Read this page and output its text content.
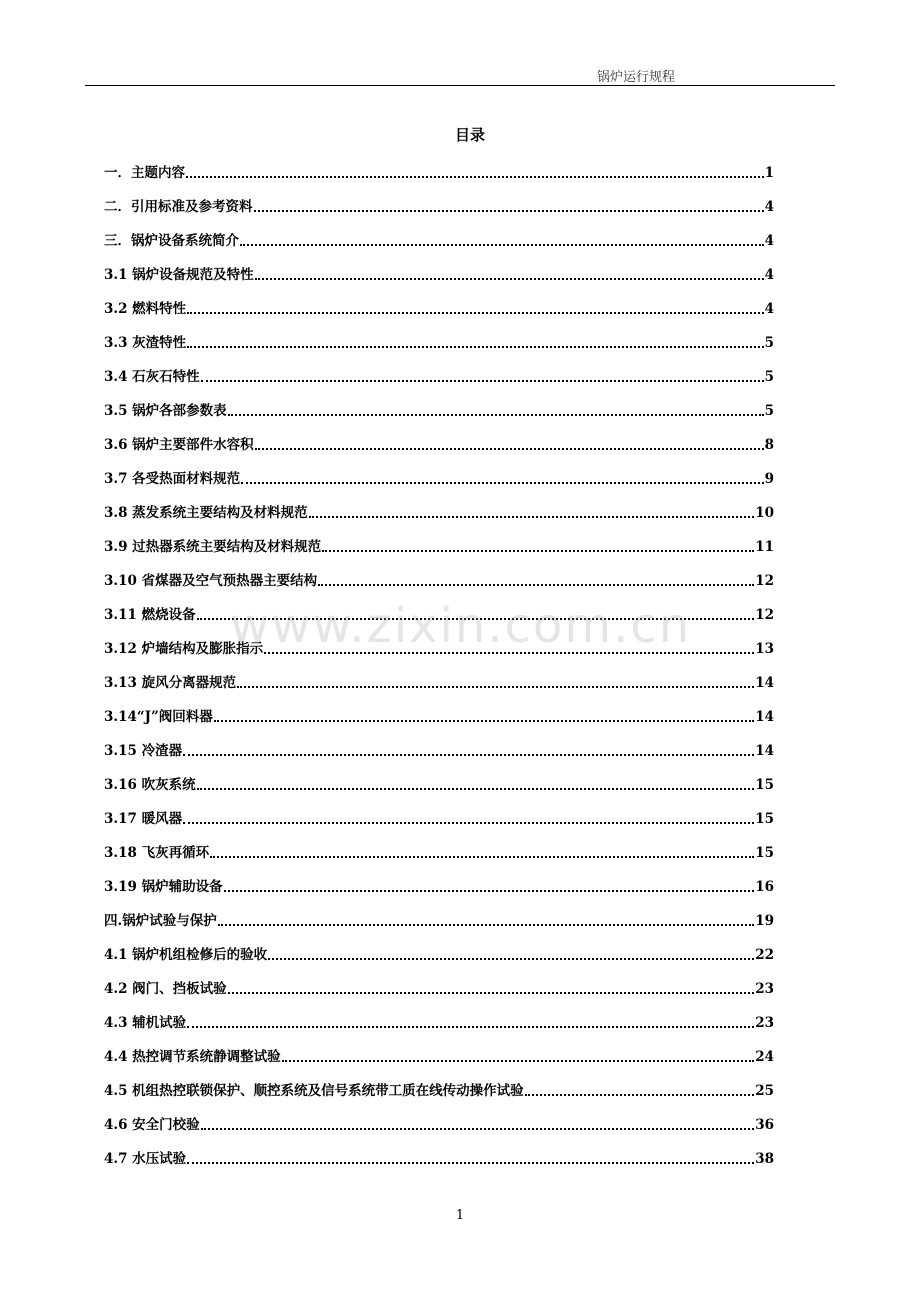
锅炉运行规程
目录
一．主题内容	1
二．引用标准及参考资料	4
三．锅炉设备系统简介	4
3.1 锅炉设备规范及特性	4
3.2 燃料特性	4
3.3 灰渣特性	5
3.4 石灰石特性	5
3.5 锅炉各部参数表	5
3.6 锅炉主要部件水容积	8
3.7 各受热面材料规范	9
3.8 蒸发系统主要结构及材料规范	10
3.9 过热器系统主要结构及材料规范	11
3.10 省煤器及空气预热器主要结构	12
3.11 燃烧设备	12
3.12 炉墙结构及膨胀指示	13
3.13 旋风分离器规范	14
3.14“J”阀回料器	14
3.15 冷渣器	14
3.16 吹灰系统	15
3.17 暖风器	15
3.18 飞灰再循环	15
3.19 锅炉辅助设备	16
四.锅炉试验与保护	19
4.1 锅炉机组检修后的验收	22
4.2 阀门、挡板试验	23
4.3 辅机试验	23
4.4 热控调节系统静调整试验	24
4.5 机组热控联锁保护、顺控系统及信号系统带工质在线传动操作试验	25
4.6 安全门校验	36
4.7 水压试验	38
www.zixin.com.cn
1
